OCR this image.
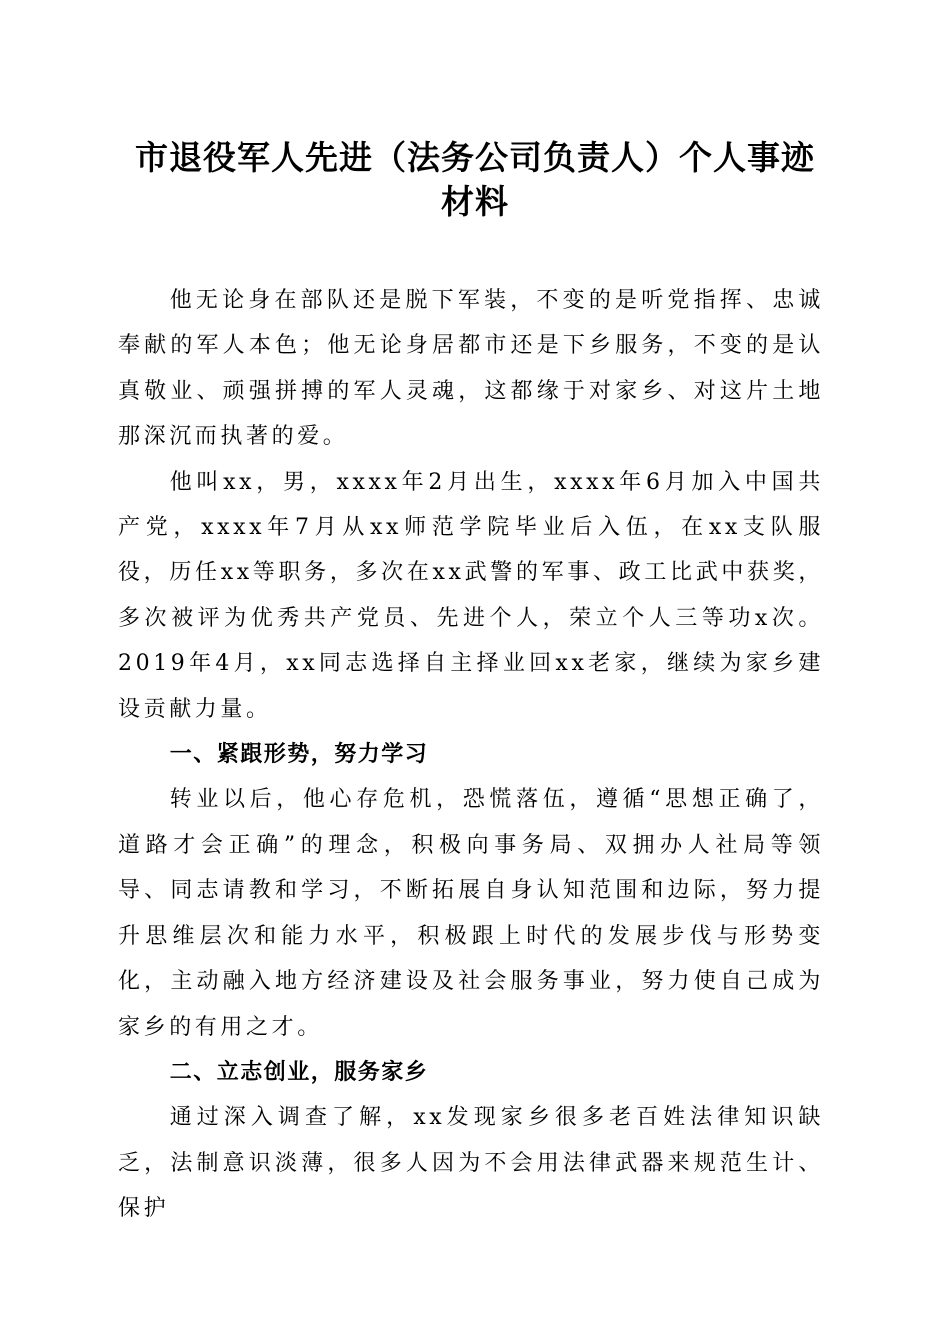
市退役军人先进（法务公司负责人）个人事迹
材料

他无论身在部队还是脱下军装，不变的是听党指挥、忠诚奉献的军人本色；他无论身居都市还是下乡服务，不变的是认真敬业、顽强拼搏的军人灵魂，这都缘于对家乡、对这片土地那深沉而执著的爱。

他叫xx，男，xxxx年2月出生，xxxx年6月加入中国共产党，xxxx年7月从xx师范学院毕业后入伍，在xx支队服役，历任xx等职务，多次在xx武警的军事、政工比武中获奖，多次被评为优秀共产党员、先进个人，荣立个人三等功x次。2019年4月，xx同志选择自主择业回xx老家，继续为家乡建设贡献力量。

一、紧跟形势，努力学习

转业以后，他心存危机，恐慌落伍，遵循“思想正确了，道路才会正确”的理念，积极向事务局、双拥办人社局等领导、同志请教和学习，不断拓展自身认知范围和边际，努力提升思维层次和能力水平，积极跟上时代的发展步伐与形势变化，主动融入地方经济建设及社会服务事业，努力使自己成为家乡的有用之才。

二、立志创业，服务家乡

通过深入调查了解，xx发现家乡很多老百姓法律知识缺乏，法制意识淡薄，很多人因为不会用法律武器来规范生计、保护
